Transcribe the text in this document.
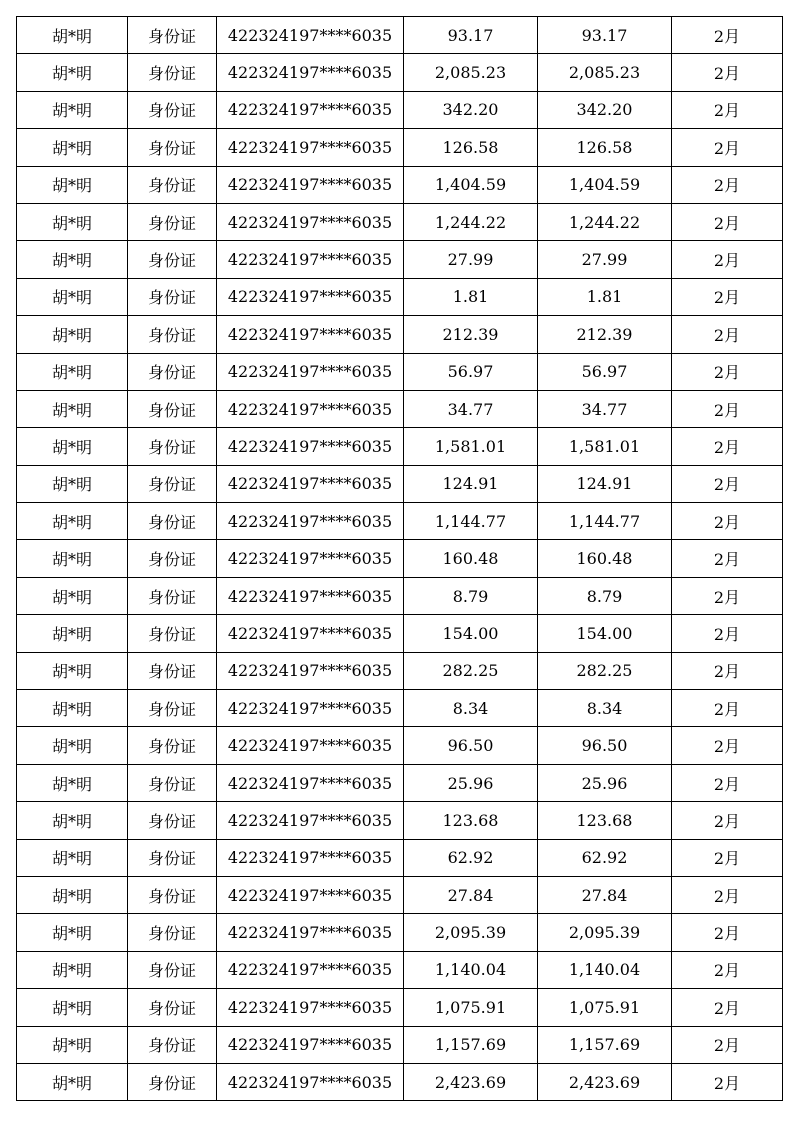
胡*明	身份证	422324197****6035	93.17	93.17	2月
胡*明	身份证	422324197****6035	2,085.23	2,085.23	2月
胡*明	身份证	422324197****6035	342.20	342.20	2月
胡*明	身份证	422324197****6035	126.58	126.58	2月
胡*明	身份证	422324197****6035	1,404.59	1,404.59	2月
胡*明	身份证	422324197****6035	1,244.22	1,244.22	2月
胡*明	身份证	422324197****6035	27.99	27.99	2月
胡*明	身份证	422324197****6035	1.81	1.81	2月
胡*明	身份证	422324197****6035	212.39	212.39	2月
胡*明	身份证	422324197****6035	56.97	56.97	2月
胡*明	身份证	422324197****6035	34.77	34.77	2月
胡*明	身份证	422324197****6035	1,581.01	1,581.01	2月
胡*明	身份证	422324197****6035	124.91	124.91	2月
胡*明	身份证	422324197****6035	1,144.77	1,144.77	2月
胡*明	身份证	422324197****6035	160.48	160.48	2月
胡*明	身份证	422324197****6035	8.79	8.79	2月
胡*明	身份证	422324197****6035	154.00	154.00	2月
胡*明	身份证	422324197****6035	282.25	282.25	2月
胡*明	身份证	422324197****6035	8.34	8.34	2月
胡*明	身份证	422324197****6035	96.50	96.50	2月
胡*明	身份证	422324197****6035	25.96	25.96	2月
胡*明	身份证	422324197****6035	123.68	123.68	2月
胡*明	身份证	422324197****6035	62.92	62.92	2月
胡*明	身份证	422324197****6035	27.84	27.84	2月
胡*明	身份证	422324197****6035	2,095.39	2,095.39	2月
胡*明	身份证	422324197****6035	1,140.04	1,140.04	2月
胡*明	身份证	422324197****6035	1,075.91	1,075.91	2月
胡*明	身份证	422324197****6035	1,157.69	1,157.69	2月
胡*明	身份证	422324197****6035	2,423.69	2,423.69	2月
